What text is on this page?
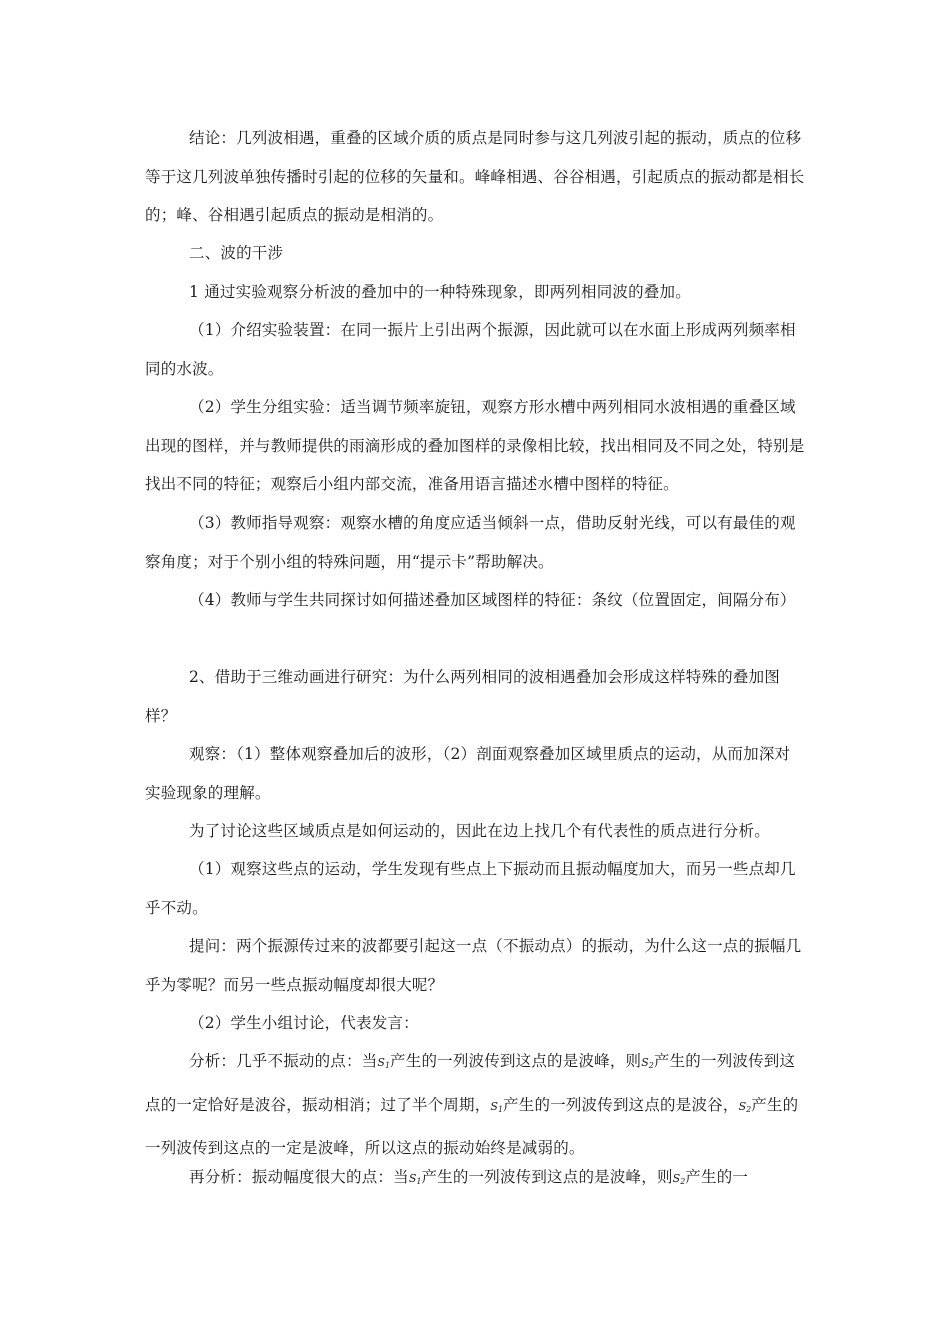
结论：几列波相遇，重叠的区域介质的质点是同时参与这几列波引起的振动，质点的位移等于这几列波单独传播时引起的位移的矢量和。峰峰相遇、谷谷相遇，引起质点的振动都是相长的；峰、谷相遇引起质点的振动是相消的。

二、波的干涉

1 通过实验观察分析波的叠加中的一种特殊现象，即两列相同波的叠加。

（1）介绍实验装置：在同一振片上引出两个振源，因此就可以在水面上形成两列频率相同的水波。

（2）学生分组实验：适当调节频率旋钮，观察方形水槽中两列相同水波相遇的重叠区域出现的图样，并与教师提供的雨滴形成的叠加图样的录像相比较，找出相同及不同之处，特别是找出不同的特征；观察后小组内部交流，准备用语言描述水槽中图样的特征。

（3）教师指导观察：观察水槽的角度应适当倾斜一点，借助反射光线，可以有最佳的观察角度；对于个别小组的特殊问题，用“提示卡”帮助解决。

（4）教师与学生共同探讨如何描述叠加区域图样的特征：条纹（位置固定，间隔分布）

2、借助于三维动画进行研究：为什么两列相同的波相遇叠加会形成这样特殊的叠加图样？

观察：（1）整体观察叠加后的波形，（2）剖面观察叠加区域里质点的运动，从而加深对实验现象的理解。

为了讨论这些区域质点是如何运动的，因此在边上找几个有代表性的质点进行分析。

（1）观察这些点的运动，学生发现有些点上下振动而且振动幅度加大，而另一些点却几乎不动。

提问：两个振源传过来的波都要引起这一点（不振动点）的振动，为什么这一点的振幅几乎为零呢？而另一些点振动幅度却很大呢？

（2）学生小组讨论，代表发言：

分析：几乎不振动的点：当$S_1$产生的一列波传到这点的是波峰，则$S_2$产生的一列波传到这点的一定恰好是波谷，振动相消；过了半个周期，$S_1$产生的一列波传到这点的是波谷，$S_2$产生的一列波传到这点的一定是波峰，所以这点的振动始终是减弱的。

再分析：振动幅度很大的点：当$S_1$产生的一列波传到这点的是波峰，则$S_2$产生的一
